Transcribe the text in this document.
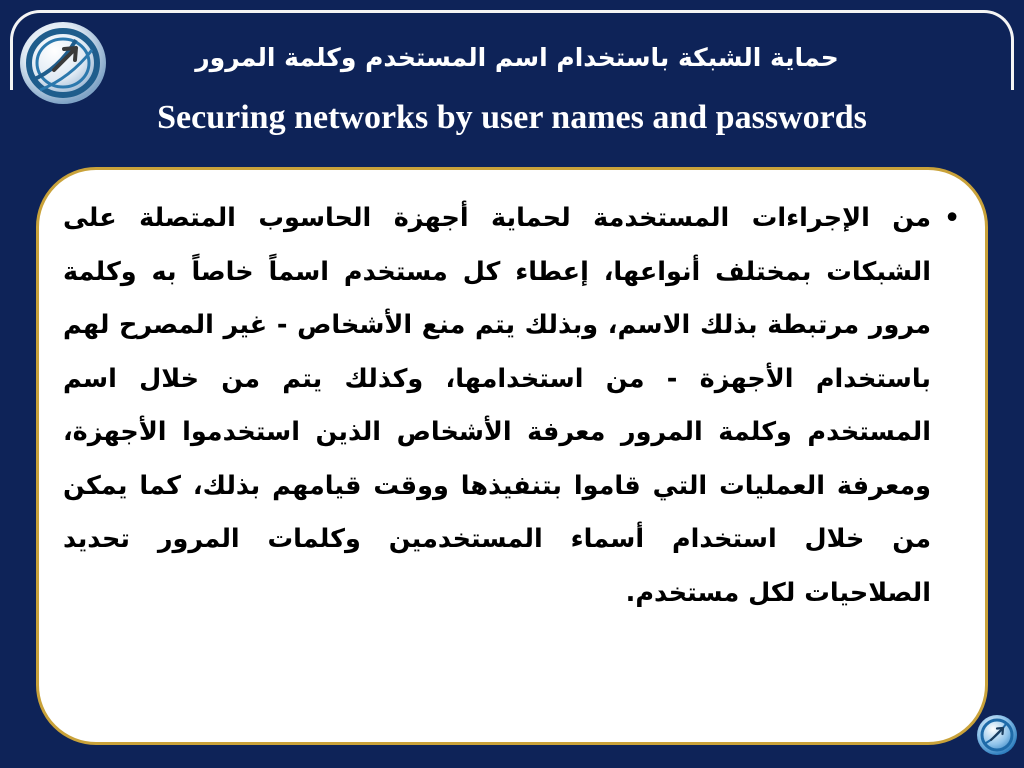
حماية الشبكة باستخدام اسم المستخدم وكلمة المرور
Securing networks by user names and passwords
•

من الإجراءات المستخدمة لحماية أجهزة الحاسوب المتصلة على الشبكات بمختلف أنواعها، إعطاء كل مستخدم اسماً خاصاً به وكلمة مرور مرتبطة بذلك الاسم، وبذلك يتم منع الأشخاص - غير المصرح لهم باستخدام الأجهزة - من استخدامها، وكذلك يتم من خلال اسم المستخدم وكلمة المرور معرفة الأشخاص الذين استخدموا الأجهزة، ومعرفة العمليات التي قاموا بتنفيذها ووقت قيامهم بذلك، كما يمكن من خلال استخدام أسماء المستخدمين وكلمات المرور تحديد الصلاحيات لكل مستخدم.
